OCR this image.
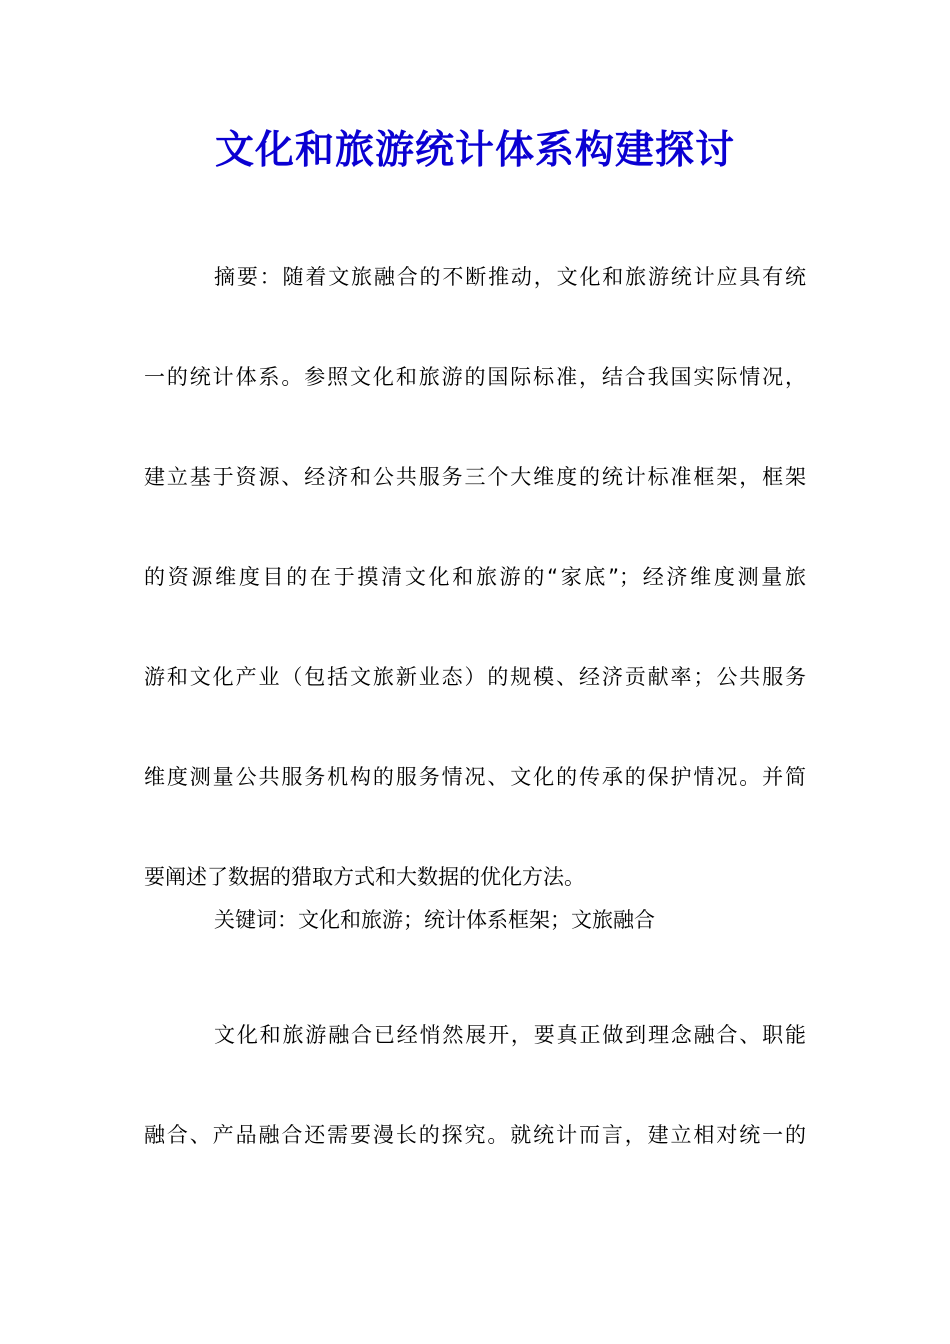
文化和旅游统计体系构建探讨
摘要：随着文旅融合的不断推动，文化和旅游统计应具有统
一的统计体系。参照文化和旅游的国际标准，结合我国实际情况，
建立基于资源、经济和公共服务三个大维度的统计标准框架，框架
的资源维度目的在于摸清文化和旅游的“家底”；经济维度测量旅
游和文化产业（包括文旅新业态）的规模、经济贡献率；公共服务
维度测量公共服务机构的服务情况、文化的传承的保护情况。并简
要阐述了数据的猎取方式和大数据的优化方法。
关键词：文化和旅游；统计体系框架；文旅融合
文化和旅游融合已经悄然展开，要真正做到理念融合、职能
融合、产品融合还需要漫长的探究。就统计而言，建立相对统一的
